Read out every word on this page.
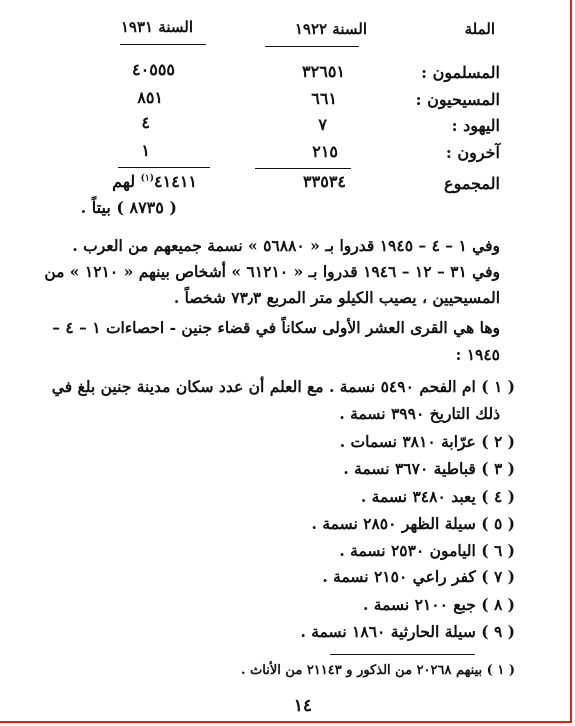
الملة
السنة ١٩٢٢
السنة ١٩٣١
المسلمون :
٣٢٦٥١
٤٠٥٥٥
المسيحيون :
٦٦١
٨٥١
اليهود :
٧
٤
آخرون :
٢١٥
١
المجموع
٣٣٥٣٤
٤١٤١١$^{(١)}$ لهم
( ٨٧٣٥ ) بيتاً .
وفي ١ – ٤ – ١٩٤٥ قدروا بـ « ٥٦٨٨٠ » نسمة جميعهم من العرب .
وفي ٣١ – ١٢ – ١٩٤٦ قدروا بـ « ٦١٢١٠ » أشخاص بينهم « ١٢١٠ » من
المسيحيين ، يصيب الكيلو متر المربع ٧٣٫٣ شخصاً .
وها هي القرى العشر الأولى سكاناً في قضاء جنين - احصاءات ١ – ٤ –
١٩٤٥ :
( ١ ) ام الفحم ٥٤٩٠ نسمة . مع العلم أن عدد سكان مدينة جنين بلغ في
ذلك التاريخ ٣٩٩٠ نسمة .
( ٢ ) عرّابة ٣٨١٠ نسمات .
( ٣ ) قباطية ٣٦٧٠ نسمة .
( ٤ ) يعبد ٣٤٨٠ نسمة .
( ٥ ) سيلة الظهر ٢٨٥٠ نسمة .
( ٦ ) اليامون ٢٥٣٠ نسمة .
( ٧ ) كفر راعي ٢١٥٠ نسمة .
( ٨ ) جبع ٢١٠٠ نسمة .
( ٩ ) سيلة الحارثية ١٨٦٠ نسمة .
( ١ ) بينهم ٢٠٢٦٨ من الذكور و ٢١١٤٣ من الأناث .
١٤
